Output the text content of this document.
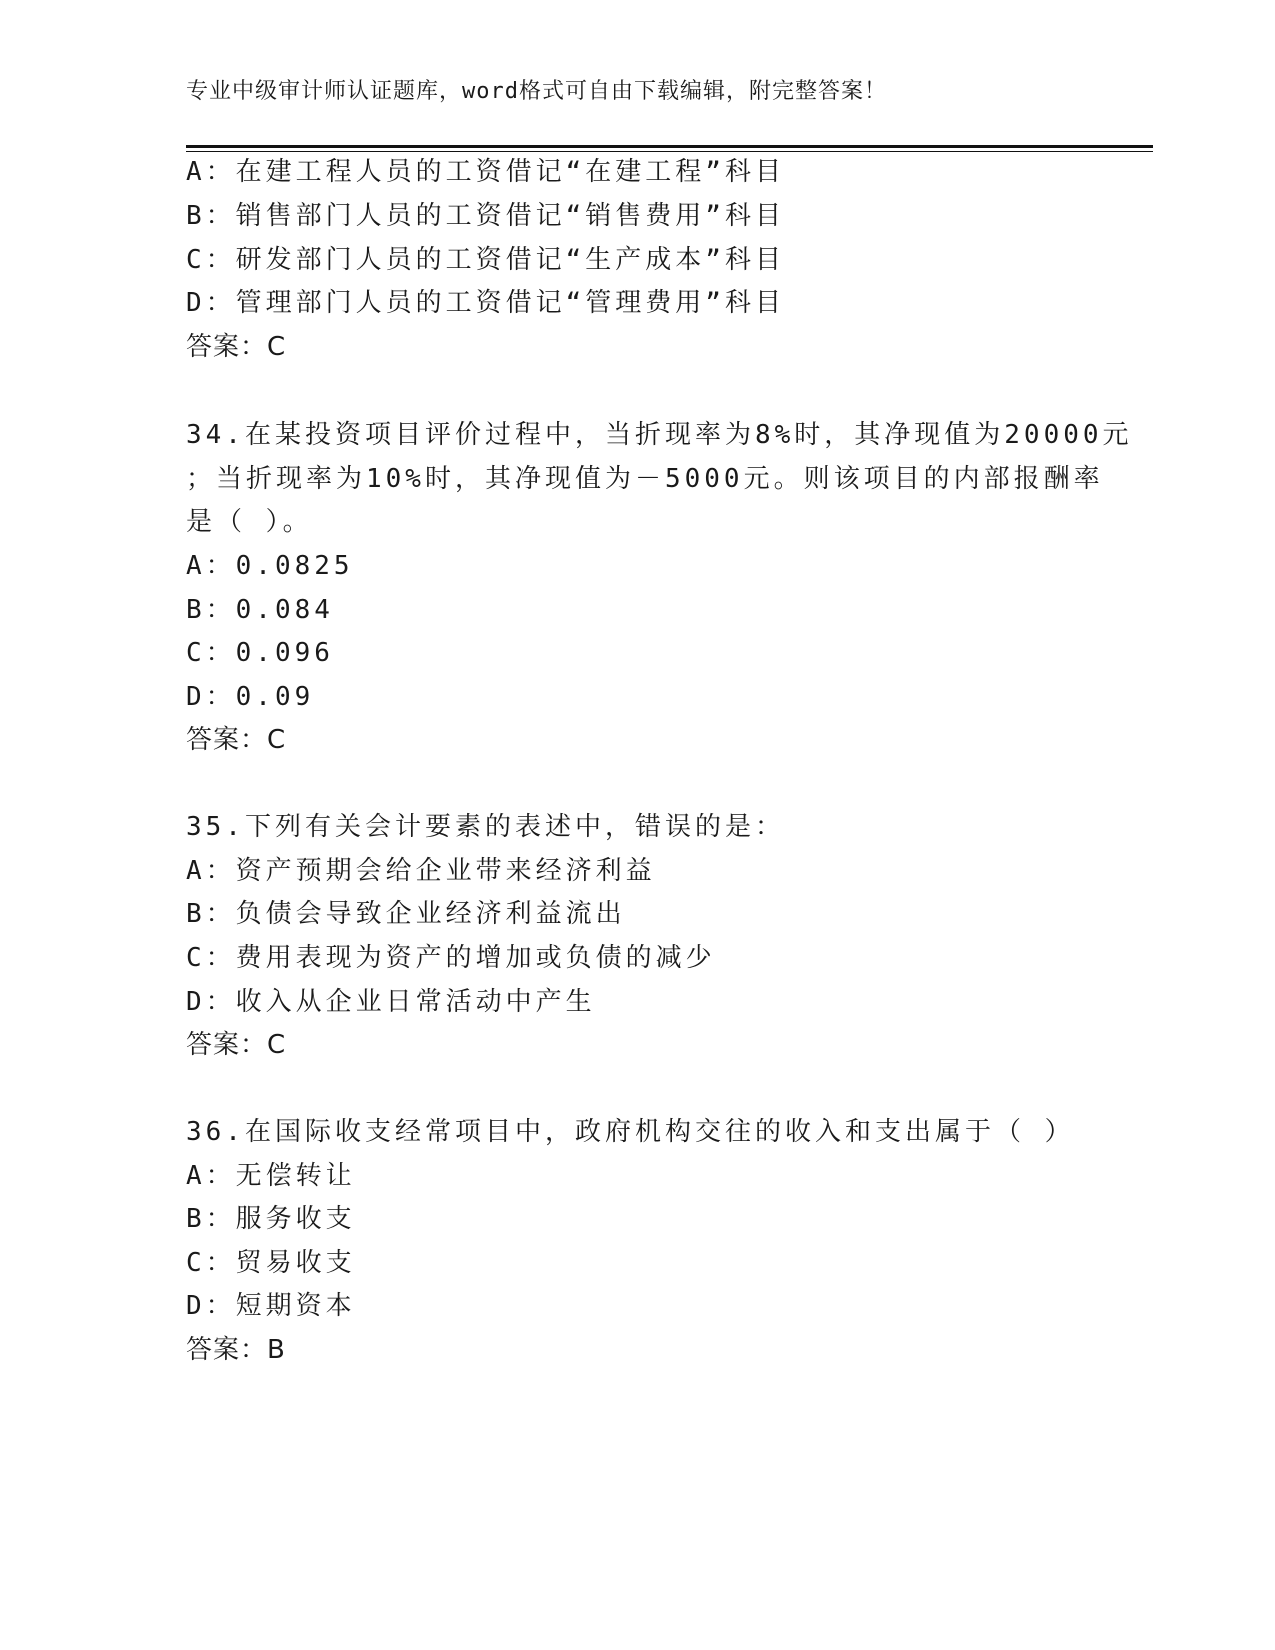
专业中级审计师认证题库，word格式可自由下载编辑，附完整答案！
A：在建工程人员的工资借记“在建工程”科目
B：销售部门人员的工资借记“销售费用”科目
C：研发部门人员的工资借记“生产成本”科目
D：管理部门人员的工资借记“管理费用”科目
答案：C
34.在某投资项目评价过程中，当折现率为8%时，其净现值为20000元
；当折现率为10%时，其净现值为－5000元。则该项目的内部报酬率
是（ ）。
A：0.0825
B：0.084
C：0.096
D：0.09
答案：C
35.下列有关会计要素的表述中，错误的是：
A：资产预期会给企业带来经济利益
B：负债会导致企业经济利益流出
C：费用表现为资产的增加或负债的减少
D：收入从企业日常活动中产生
答案：C
36.在国际收支经常项目中，政府机构交往的收入和支出属于（ ）
A：无偿转让
B：服务收支
C：贸易收支
D：短期资本
答案：B
